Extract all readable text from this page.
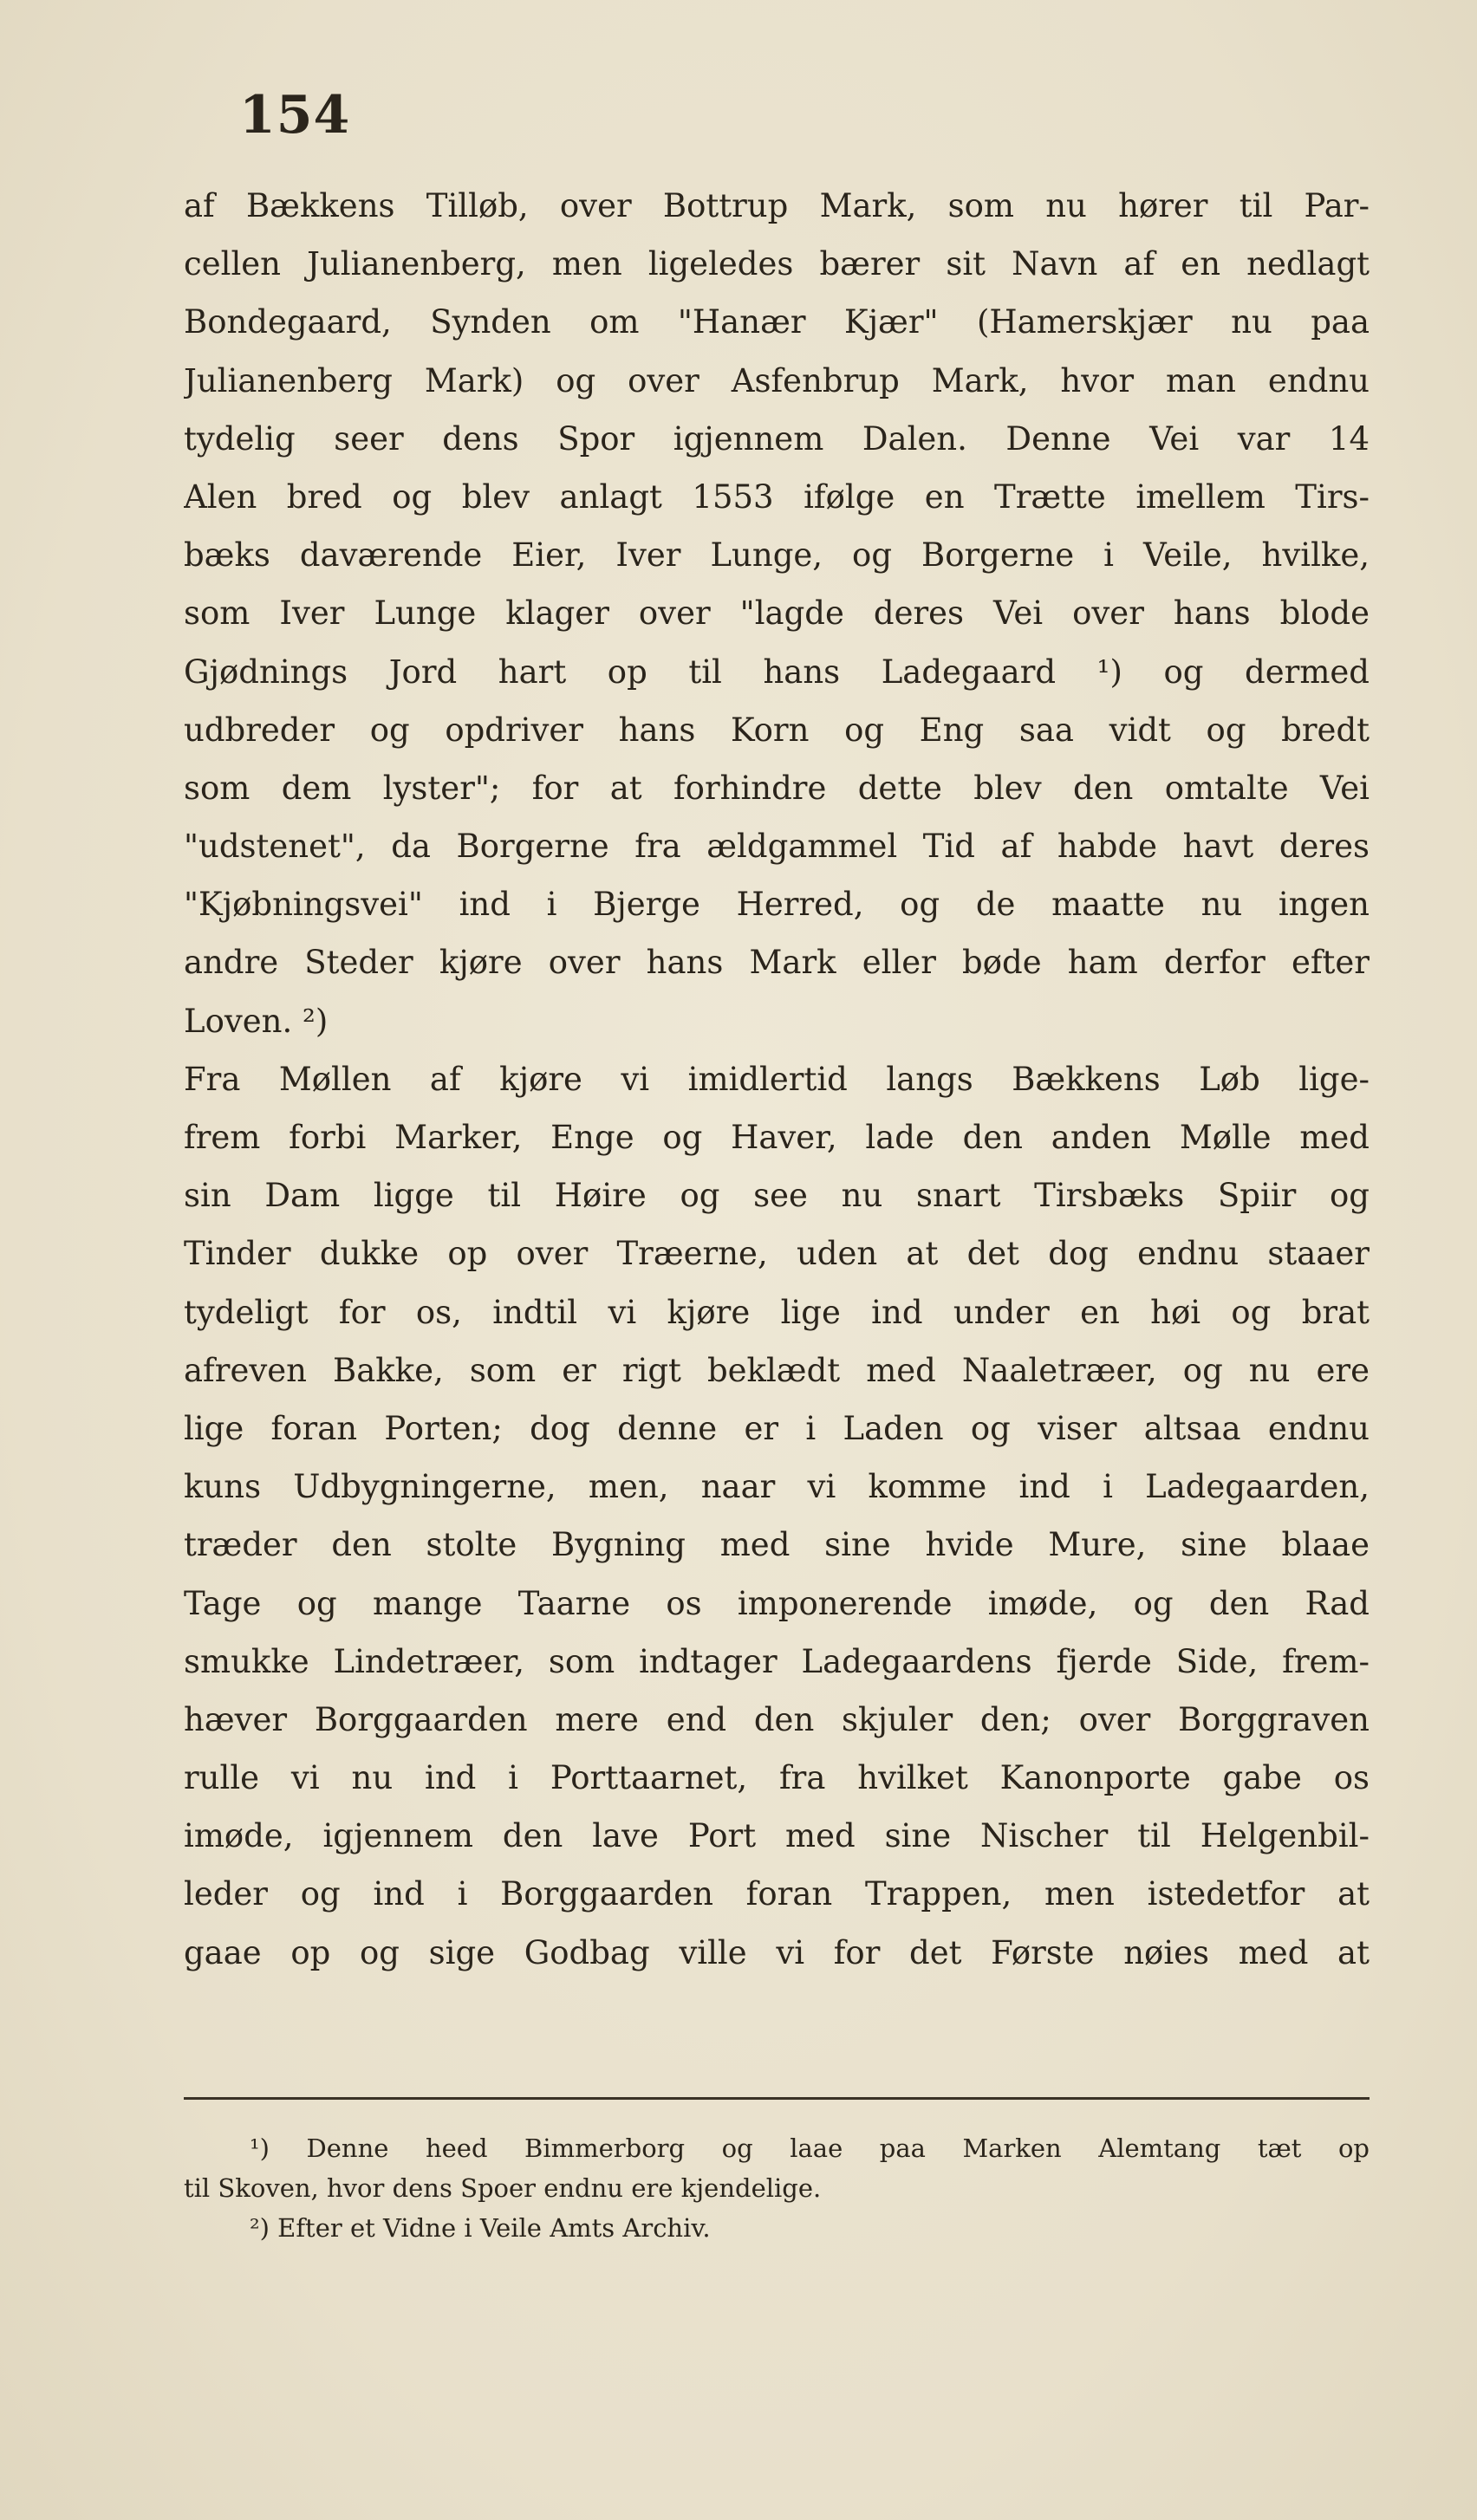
154
af Bækkens Tilløb, over Bottrup Mark, som nu hører til Par-
cellen Julianenberg, men ligeledes bærer sit Navn af en nedlagt
Bondegaard, Synden om "Hanær Kjær" (Hamerskjær nu paa
Julianenberg Mark) og over Asfenbrup Mark, hvor man endnu
tydelig seer dens Spor igjennem Dalen. Denne Vei var 14
Alen bred og blev anlagt 1553 ifølge en Trætte imellem Tirs-
bæks daværende Eier, Iver Lunge, og Borgerne i Veile, hvilke,
som Iver Lunge klager over "lagde deres Vei over hans blode
Gjødnings Jord hart op til hans Ladegaard ¹) og dermed
udbreder og opdriver hans Korn og Eng saa vidt og bredt
som dem lyster"; for at forhindre dette blev den omtalte Vei
"udstenet", da Borgerne fra ældgammel Tid af habde havt deres
"Kjøbningsvei" ind i Bjerge Herred, og de maatte nu ingen
andre Steder kjøre over hans Mark eller bøde ham derfor efter
Loven. ²)
Fra Møllen af kjøre vi imidlertid langs Bækkens Løb lige-
frem forbi Marker, Enge og Haver, lade den anden Mølle med
sin Dam ligge til Høire og see nu snart Tirsbæks Spiir og
Tinder dukke op over Træerne, uden at det dog endnu staaer
tydeligt for os, indtil vi kjøre lige ind under en høi og brat
afreven Bakke, som er rigt beklædt med Naaletræer, og nu ere
lige foran Porten; dog denne er i Laden og viser altsaa endnu
kuns Udbygningerne, men, naar vi komme ind i Ladegaarden,
træder den stolte Bygning med sine hvide Mure, sine blaae
Tage og mange Taarne os imponerende imøde, og den Rad
smukke Lindetræer, som indtager Ladegaardens fjerde Side, frem-
hæver Borggaarden mere end den skjuler den; over Borggraven
rulle vi nu ind i Porttaarnet, fra hvilket Kanonporte gabe os
imøde, igjennem den lave Port med sine Nischer til Helgenbil-
leder og ind i Borggaarden foran Trappen, men istedetfor at
gaae op og sige Godbag ville vi for det Første nøies med at
¹) Denne heed Bimmerborg og laae paa Marken Alemtang tæt op
til Skoven, hvor dens Spoer endnu ere kjendelige.
²) Efter et Vidne i Veile Amts Archiv.
